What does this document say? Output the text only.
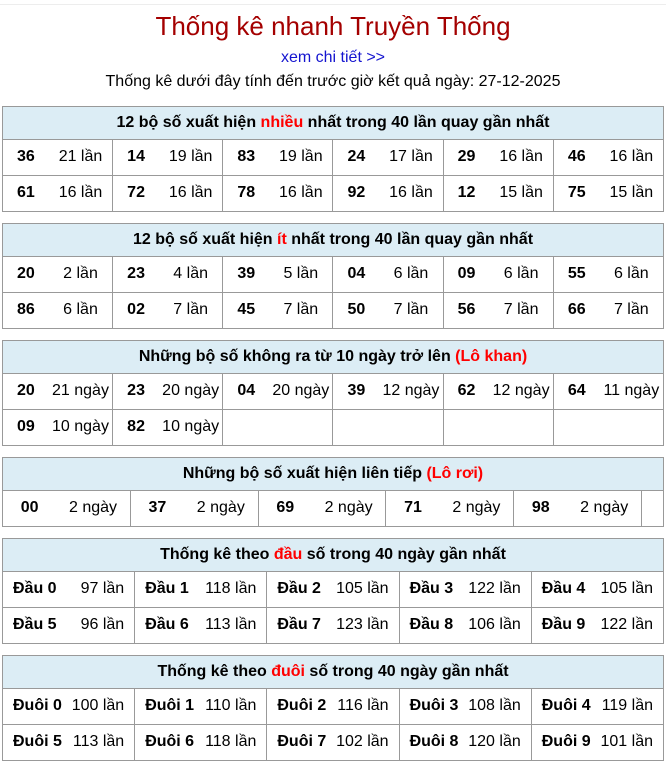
Thống kê nhanh Truyền Thống
xem chi tiết >>
Thống kê dưới đây tính đến trước giờ kết quả ngày: 27-12-2025
12 bộ số xuất hiện nhiều nhất trong 40 lần quay gần nhất					

36 21 lần	14 19 lần	83 19 lần	24 17 lần	29 16 lần	46 16 lần

61 16 lần	72 16 lần	78 16 lần	92 16 lần	12 15 lần	75 15 lần
12 bộ số xuất hiện ít nhất trong 40 lần quay gần nhất					

20 2 lần	23 4 lần	39 5 lần	04 6 lần	09 6 lần	55 6 lần

86 6 lần	02 7 lần	45 7 lần	50 7 lần	56 7 lần	66 7 lần
Những bộ số không ra từ 10 ngày trở lên (Lô khan)					

20 21 ngày	23 20 ngày	04 20 ngày	39 12 ngày	62 12 ngày	64 11 ngày

09 10 ngày	82 10 ngày				

Những bộ số xuất hiện liên tiếp (Lô rơi)

00	2 ngày	37	2 ngày	69	2 ngày	71	2 ngày	98	2 ngày

Thống kê theo đầu số trong 40 ngày gần nhất				

Đầu 0 97 lần	Đầu 1 118 lần	Đầu 2 105 lần	Đầu 3 122 lần	Đầu 4 105 lần

Đầu 5 96 lần	Đầu 6 113 lần	Đầu 7 123 lần	Đầu 8 106 lần	Đầu 9 122 lần
Thống kê theo đuôi số trong 40 ngày gần nhất				

Đuôi 0 100 lần	Đuôi 1 110 lần	Đuôi 2 116 lần	Đuôi 3 108 lần	Đuôi 4 119 lần

Đuôi 5 113 lần	Đuôi 6 118 lần	Đuôi 7 102 lần	Đuôi 8 120 lần	Đuôi 9 101 lần
